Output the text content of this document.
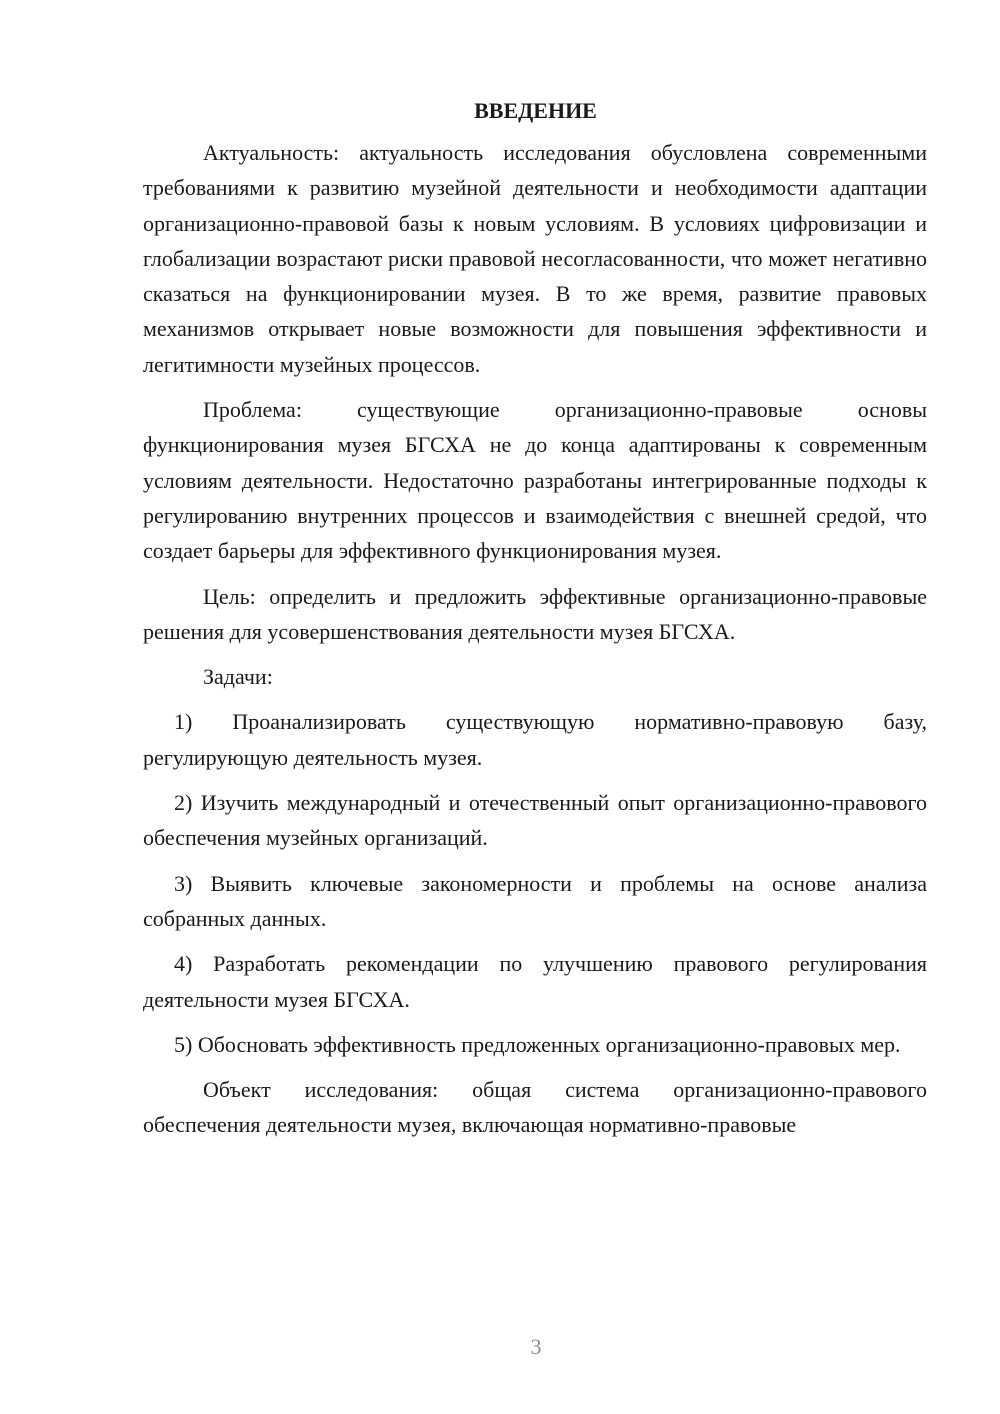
ВВЕДЕНИЕ

Актуальность: актуальность исследования обусловлена современными требованиями к развитию музейной деятельности и необходимости адаптации организационно-правовой базы к новым условиям. В условиях цифровизации и глобализации возрастают риски правовой несогласованности, что может негативно сказаться на функционировании музея. В то же время, развитие правовых механизмов открывает новые возможности для повышения эффективности и легитимности музейных процессов.

Проблема: существующие организационно-правовые основы функционирования музея БГСХА не до конца адаптированы к современным условиям деятельности. Недостаточно разработаны интегрированные подходы к регулированию внутренних процессов и взаимодействия с внешней средой, что создает барьеры для эффективного функционирования музея.

Цель: определить и предложить эффективные организационно-правовые решения для усовершенствования деятельности музея БГСХА.

Задачи:

1) Проанализировать существующую нормативно-правовую базу, регулирующую деятельность музея.

2) Изучить международный и отечественный опыт организационно-правового обеспечения музейных организаций.

3) Выявить ключевые закономерности и проблемы на основе анализа собранных данных.

4) Разработать рекомендации по улучшению правового регулирования деятельности музея БГСХА.

5) Обосновать эффективность предложенных организационно-правовых мер.

Объект исследования: общая система организационно-правового обеспечения деятельности музея, включающая нормативно-правовые

3
